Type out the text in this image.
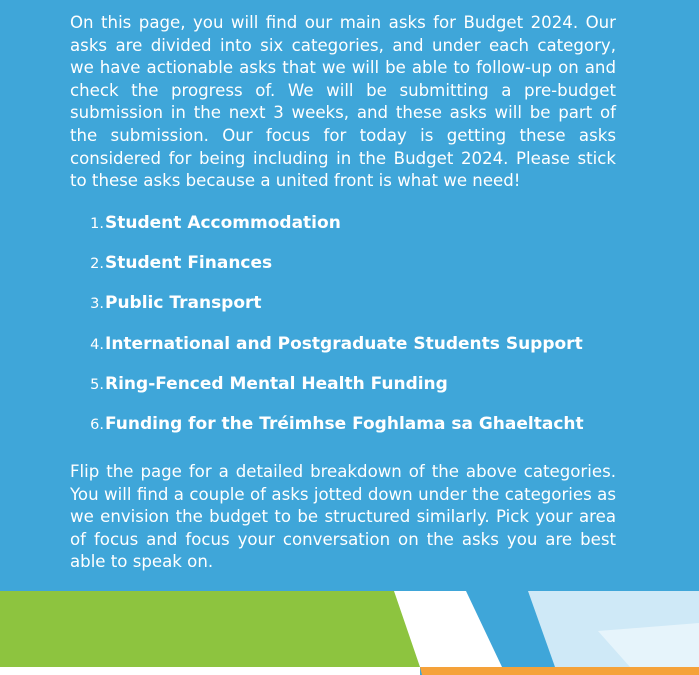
On this page, you will find our main asks for Budget 2024. Our asks are divided into six categories, and under each category, we have actionable asks that we will be able to follow-up on and check the progress of. We will be submitting a pre-budget submission in the next 3 weeks, and these asks will be part of the submission. Our focus for today is getting these asks considered for being including in the Budget 2024. Please stick to these asks because a united front is what we need!

1. Student Accommodation
2. Student Finances
3. Public Transport
4. International and Postgraduate Students Support
5. Ring-Fenced Mental Health Funding
6. Funding for the Tréimhse Foghlama sa Ghaeltacht

Flip the page for a detailed breakdown of the above categories. You will find a couple of asks jotted down under the categories as we envision the budget to be structured similarly. Pick your area of focus and focus your conversation on the asks you are best able to speak on.
